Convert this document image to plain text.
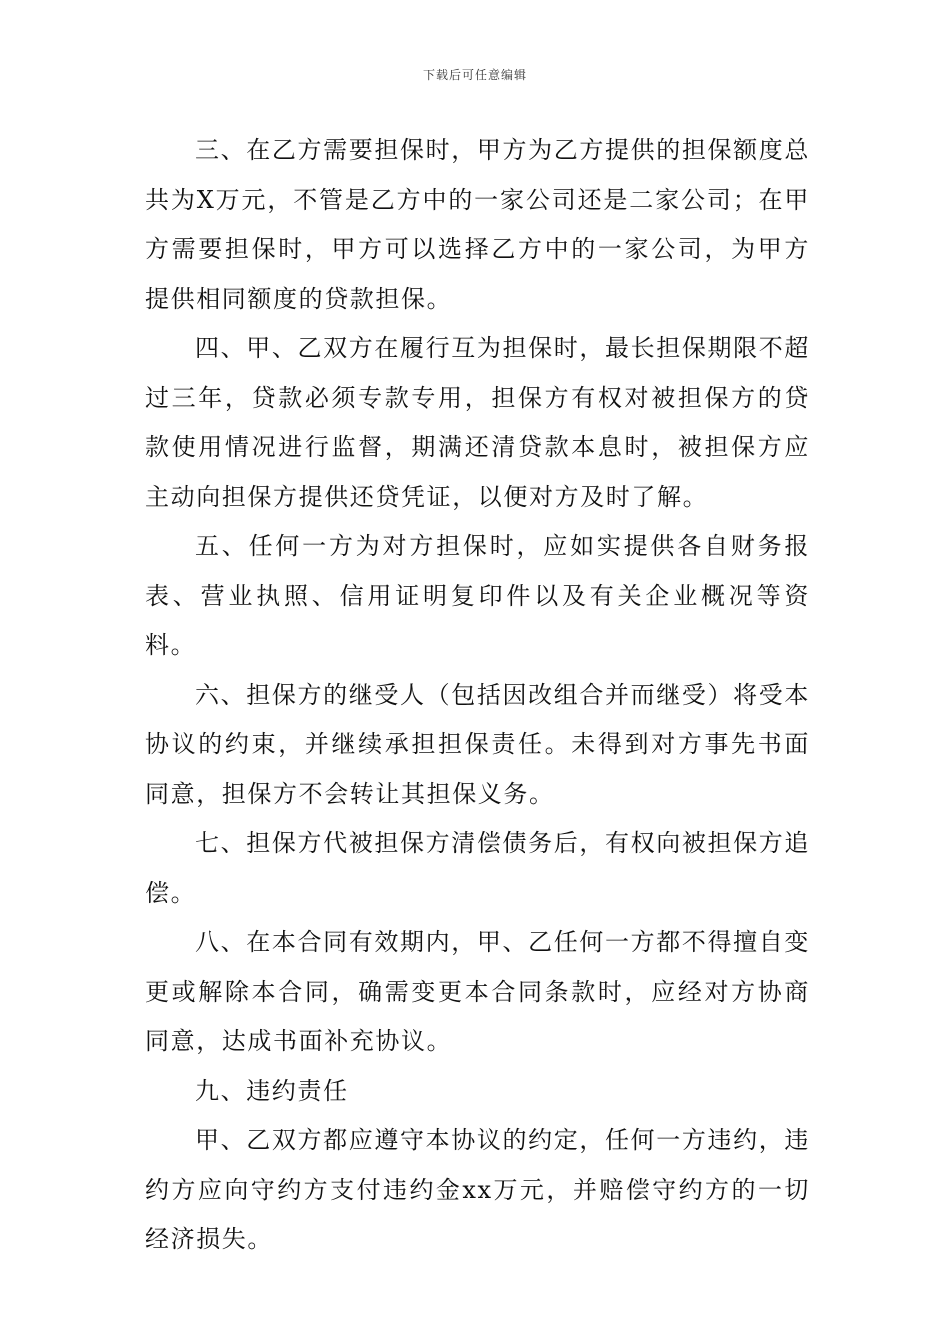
下载后可任意编辑

三、在乙方需要担保时，甲方为乙方提供的担保额度总共为X万元，不管是乙方中的一家公司还是二家公司；在甲方需要担保时，甲方可以选择乙方中的一家公司，为甲方提供相同额度的贷款担保。

四、甲、乙双方在履行互为担保时，最长担保期限不超过三年，贷款必须专款专用，担保方有权对被担保方的贷款使用情况进行监督，期满还清贷款本息时，被担保方应主动向担保方提供还贷凭证，以便对方及时了解。

五、任何一方为对方担保时，应如实提供各自财务报表、营业执照、信用证明复印件以及有关企业概况等资料。

六、担保方的继受人（包括因改组合并而继受）将受本协议的约束，并继续承担担保责任。未得到对方事先书面同意，担保方不会转让其担保义务。

七、担保方代被担保方清偿债务后，有权向被担保方追偿。

八、在本合同有效期内，甲、乙任何一方都不得擅自变更或解除本合同，确需变更本合同条款时，应经对方协商同意，达成书面补充协议。

九、违约责任

甲、乙双方都应遵守本协议的约定，任何一方违约，违约方应向守约方支付违约金xx万元，并赔偿守约方的一切经济损失。
